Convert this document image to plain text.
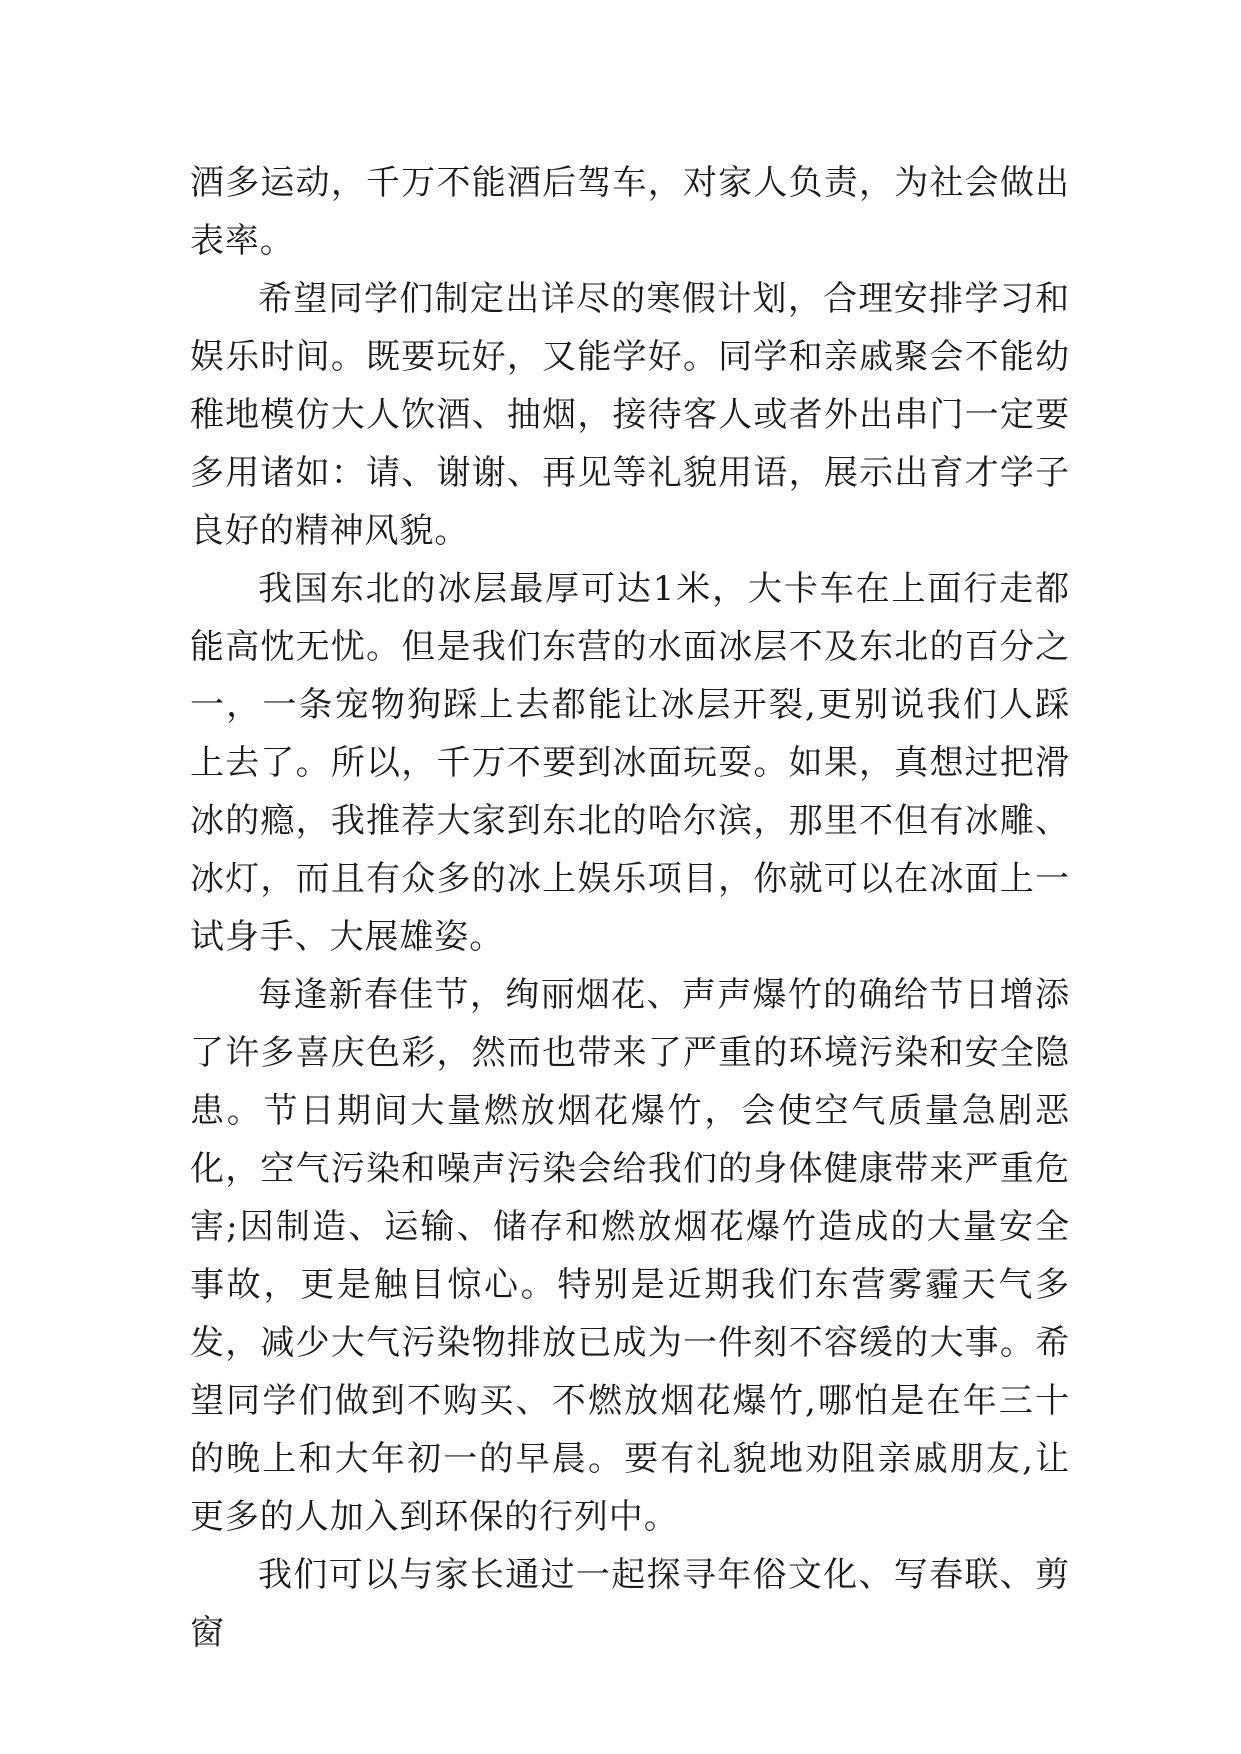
酒多运动，千万不能酒后驾车，对家人负责，为社会做出表率。

希望同学们制定出详尽的寒假计划，合理安排学习和娱乐时间。既要玩好，又能学好。同学和亲戚聚会不能幼稚地模仿大人饮酒、抽烟，接待客人或者外出串门一定要多用诸如：请、谢谢、再见等礼貌用语，展示出育才学子良好的精神风貌。

我国东北的冰层最厚可达1米，大卡车在上面行走都能高忱无忧。但是我们东营的水面冰层不及东北的百分之一，一条宠物狗踩上去都能让冰层开裂,更别说我们人踩上去了。所以，千万不要到冰面玩耍。如果，真想过把滑冰的瘾，我推荐大家到东北的哈尔滨，那里不但有冰雕、冰灯，而且有众多的冰上娱乐项目，你就可以在冰面上一试身手、大展雄姿。

每逢新春佳节，绚丽烟花、声声爆竹的确给节日增添了许多喜庆色彩，然而也带来了严重的环境污染和安全隐患。节日期间大量燃放烟花爆竹，会使空气质量急剧恶化，空气污染和噪声污染会给我们的身体健康带来严重危害;因制造、运输、储存和燃放烟花爆竹造成的大量安全事故，更是触目惊心。特别是近期我们东营雾霾天气多发，减少大气污染物排放已成为一件刻不容缓的大事。希望同学们做到不购买、不燃放烟花爆竹,哪怕是在年三十的晚上和大年初一的早晨。要有礼貌地劝阻亲戚朋友,让更多的人加入到环保的行列中。

我们可以与家长通过一起探寻年俗文化、写春联、剪窗
